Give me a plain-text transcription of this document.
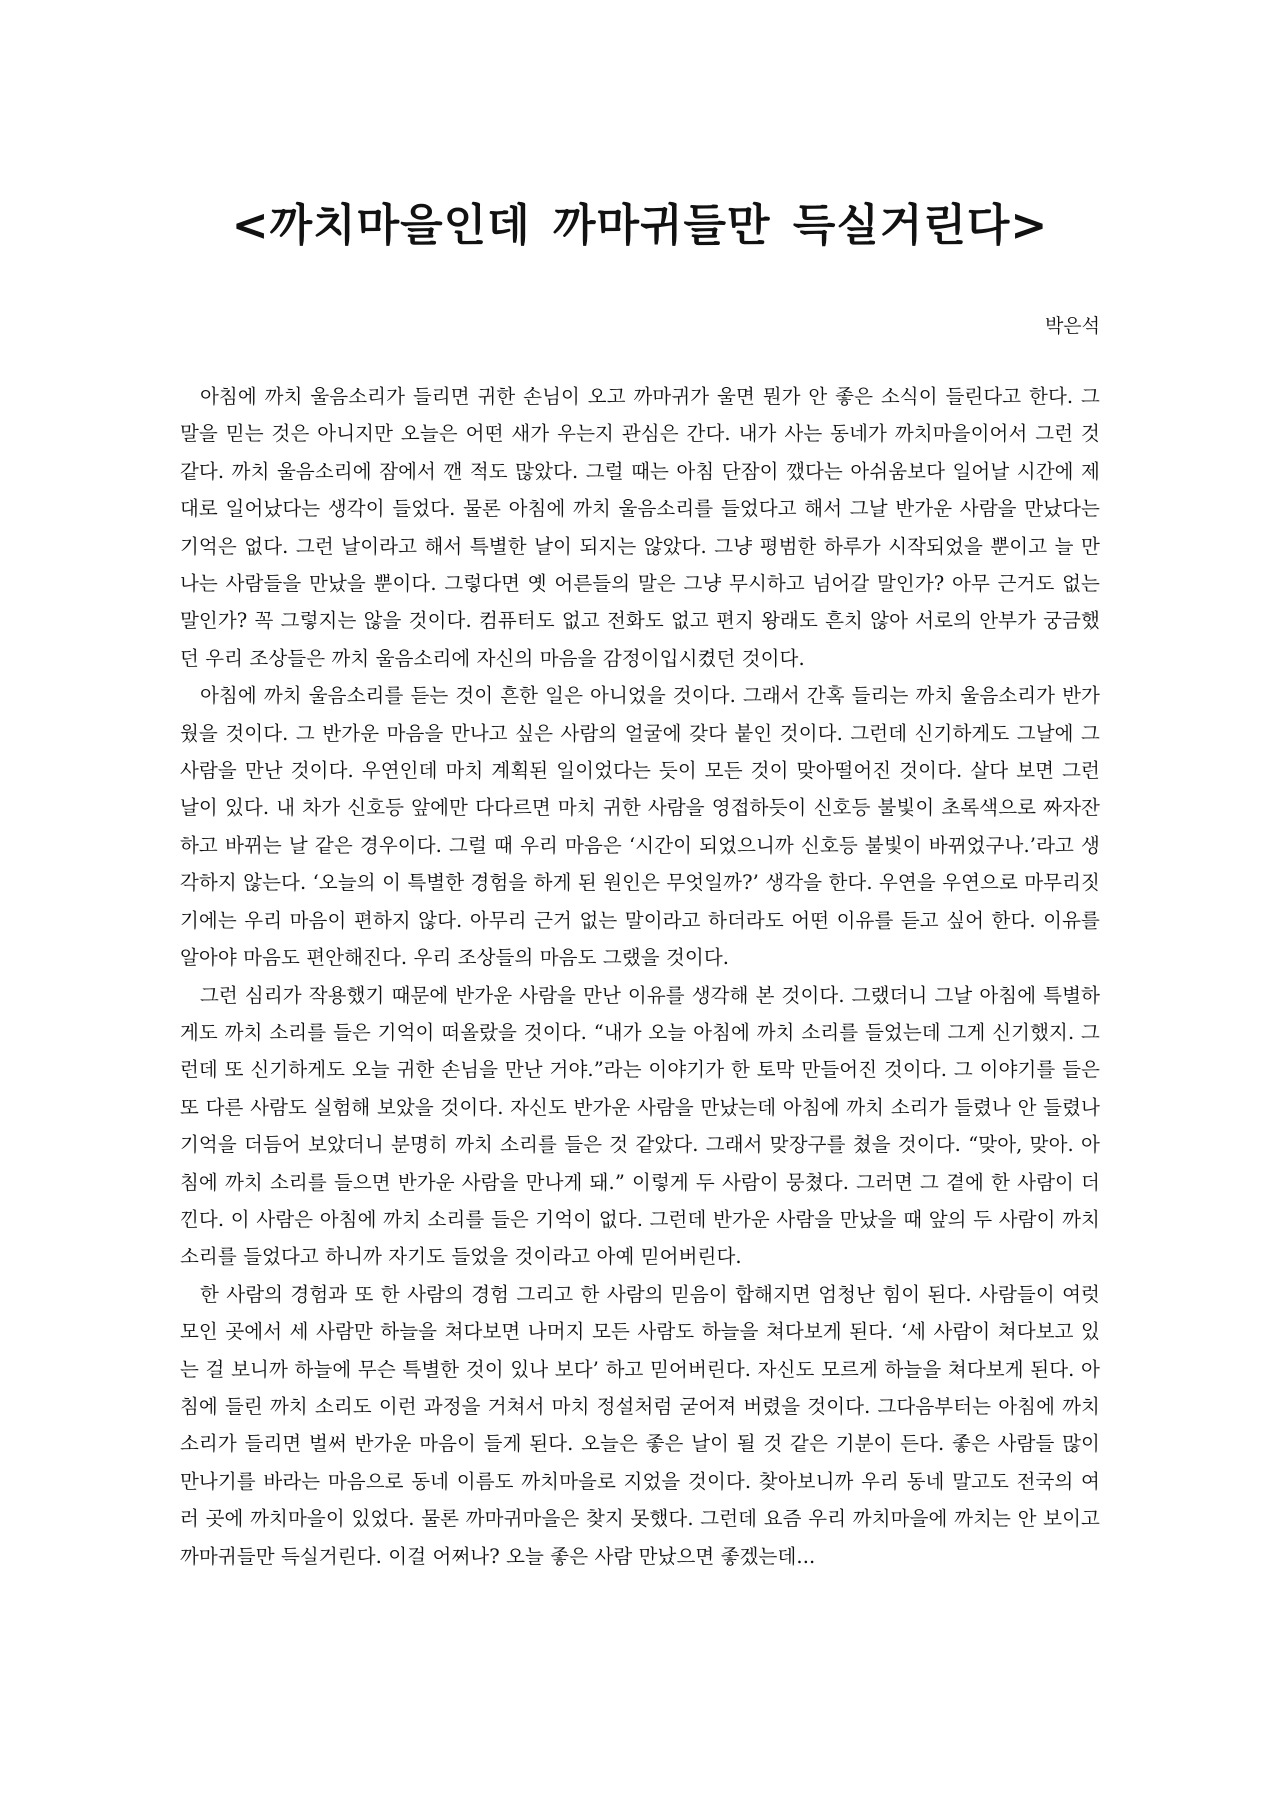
<까치마을인데 까마귀들만 득실거린다>

박은석

아침에 까치 울음소리가 들리면 귀한 손님이 오고 까마귀가 울면 뭔가 안 좋은 소식이 들린다고 한다. 그 말을 믿는 것은 아니지만 오늘은 어떤 새가 우는지 관심은 간다. 내가 사는 동네가 까치마을이어서 그런 것 같다. 까치 울음소리에 잠에서 깬 적도 많았다. 그럴 때는 아침 단잠이 깼다는 아쉬움보다 일어날 시간에 제대로 일어났다는 생각이 들었다. 물론 아침에 까치 울음소리를 들었다고 해서 그날 반가운 사람을 만났다는 기억은 없다. 그런 날이라고 해서 특별한 날이 되지는 않았다. 그냥 평범한 하루가 시작되었을 뿐이고 늘 만나는 사람들을 만났을 뿐이다. 그렇다면 옛 어른들의 말은 그냥 무시하고 넘어갈 말인가? 아무 근거도 없는 말인가? 꼭 그렇지는 않을 것이다. 컴퓨터도 없고 전화도 없고 편지 왕래도 흔치 않아 서로의 안부가 궁금했던 우리 조상들은 까치 울음소리에 자신의 마음을 감정이입시켰던 것이다.

아침에 까치 울음소리를 듣는 것이 흔한 일은 아니었을 것이다. 그래서 간혹 들리는 까치 울음소리가 반가웠을 것이다. 그 반가운 마음을 만나고 싶은 사람의 얼굴에 갖다 붙인 것이다. 그런데 신기하게도 그날에 그 사람을 만난 것이다. 우연인데 마치 계획된 일이었다는 듯이 모든 것이 맞아떨어진 것이다. 살다 보면 그런 날이 있다. 내 차가 신호등 앞에만 다다르면 마치 귀한 사람을 영접하듯이 신호등 불빛이 초록색으로 짜자잔하고 바뀌는 날 같은 경우이다. 그럴 때 우리 마음은 ‘시간이 되었으니까 신호등 불빛이 바뀌었구나.’라고 생각하지 않는다. ‘오늘의 이 특별한 경험을 하게 된 원인은 무엇일까?’ 생각을 한다. 우연을 우연으로 마무리짓기에는 우리 마음이 편하지 않다. 아무리 근거 없는 말이라고 하더라도 어떤 이유를 듣고 싶어 한다. 이유를 알아야 마음도 편안해진다. 우리 조상들의 마음도 그랬을 것이다.

그런 심리가 작용했기 때문에 반가운 사람을 만난 이유를 생각해 본 것이다. 그랬더니 그날 아침에 특별하게도 까치 소리를 들은 기억이 떠올랐을 것이다. “내가 오늘 아침에 까치 소리를 들었는데 그게 신기했지. 그런데 또 신기하게도 오늘 귀한 손님을 만난 거야.”라는 이야기가 한 토막 만들어진 것이다. 그 이야기를 들은 또 다른 사람도 실험해 보았을 것이다. 자신도 반가운 사람을 만났는데 아침에 까치 소리가 들렸나 안 들렸나 기억을 더듬어 보았더니 분명히 까치 소리를 들은 것 같았다. 그래서 맞장구를 쳤을 것이다. “맞아, 맞아. 아침에 까치 소리를 들으면 반가운 사람을 만나게 돼.” 이렇게 두 사람이 뭉쳤다. 그러면 그 곁에 한 사람이 더 낀다. 이 사람은 아침에 까치 소리를 들은 기억이 없다. 그런데 반가운 사람을 만났을 때 앞의 두 사람이 까치 소리를 들었다고 하니까 자기도 들었을 것이라고 아예 믿어버린다.

한 사람의 경험과 또 한 사람의 경험 그리고 한 사람의 믿음이 합해지면 엄청난 힘이 된다. 사람들이 여럿 모인 곳에서 세 사람만 하늘을 쳐다보면 나머지 모든 사람도 하늘을 쳐다보게 된다. ‘세 사람이 쳐다보고 있는 걸 보니까 하늘에 무슨 특별한 것이 있나 보다’ 하고 믿어버린다. 자신도 모르게 하늘을 쳐다보게 된다. 아침에 들린 까치 소리도 이런 과정을 거쳐서 마치 정설처럼 굳어져 버렸을 것이다. 그다음부터는 아침에 까치 소리가 들리면 벌써 반가운 마음이 들게 된다. 오늘은 좋은 날이 될 것 같은 기분이 든다. 좋은 사람들 많이 만나기를 바라는 마음으로 동네 이름도 까치마을로 지었을 것이다. 찾아보니까 우리 동네 말고도 전국의 여러 곳에 까치마을이 있었다. 물론 까마귀마을은 찾지 못했다. 그런데 요즘 우리 까치마을에 까치는 안 보이고 까마귀들만 득실거린다. 이걸 어쩌나? 오늘 좋은 사람 만났으면 좋겠는데...
